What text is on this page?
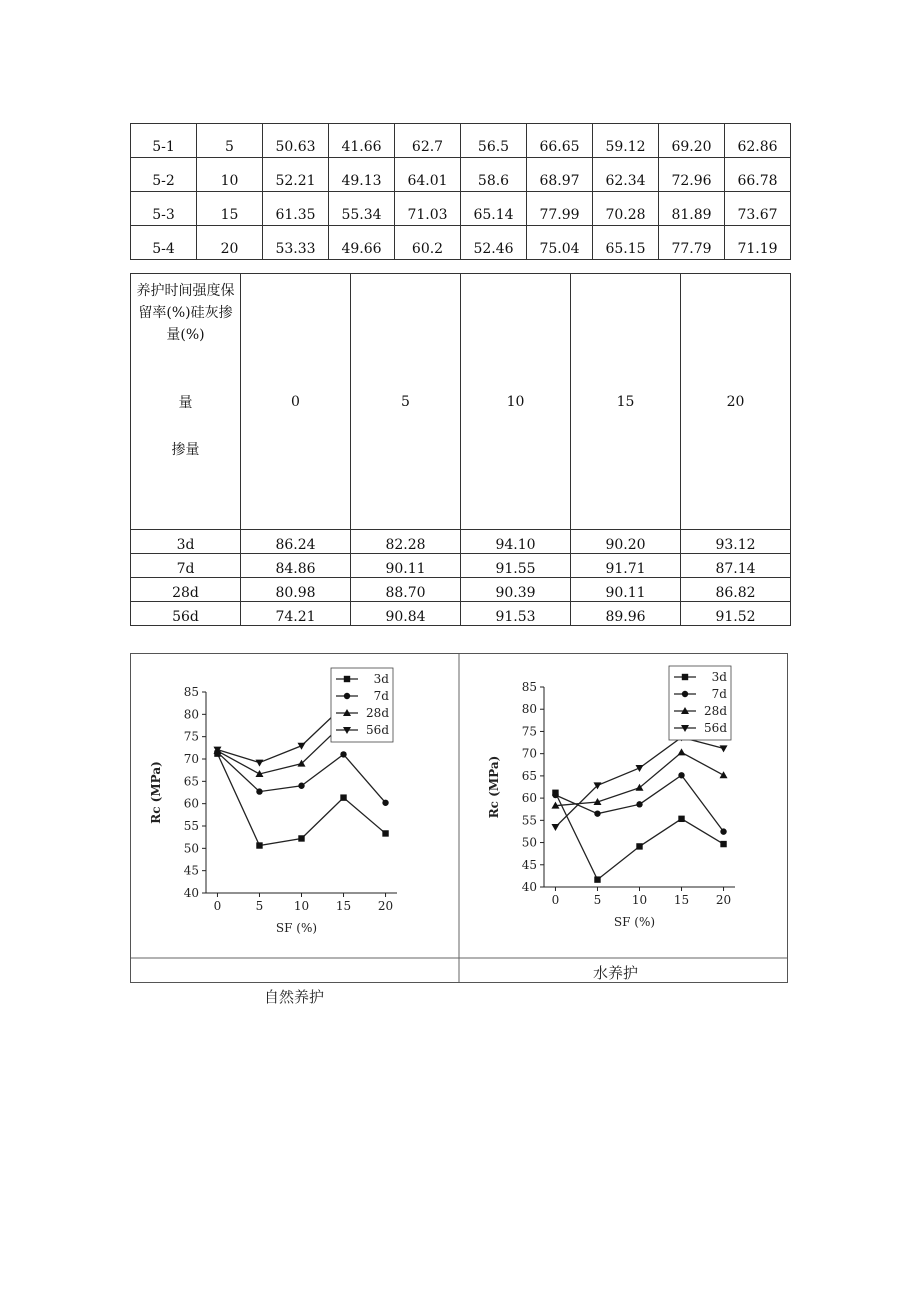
5-1	5	50.63	41.66	62.7	56.5	66.65	59.12	69.20	62.86
5-2	10	52.21	49.13	64.01	58.6	68.97	62.34	72.96	66.78
5-3	15	61.35	55.34	71.03	65.14	77.99	70.28	81.89	73.67
5-4	20	53.33	49.66	60.2	52.46	75.04	65.15	77.79	71.19
养护时间强度保留率(%)硅灰掺量(%)
量
掺量	0	5	10	15	20
3d	86.24	82.28	94.10	90.20	93.12
7d	84.86	90.11	91.55	91.71	87.14
28d	80.98	88.70	90.39	90.11	86.82
56d	74.21	90.84	91.53	89.96	91.52
40
45
50
55
60
65
70
75
80
85
0	5	10 15 20
SF (%)
Rc (MPa)
3d
7d
28d
56d
40
45
50
55
60
65
70
75
80
85
0	5	10 15 20
SF (%)
Rc (MPa)
3d
7d
28d
56d
水养护
自然养护
